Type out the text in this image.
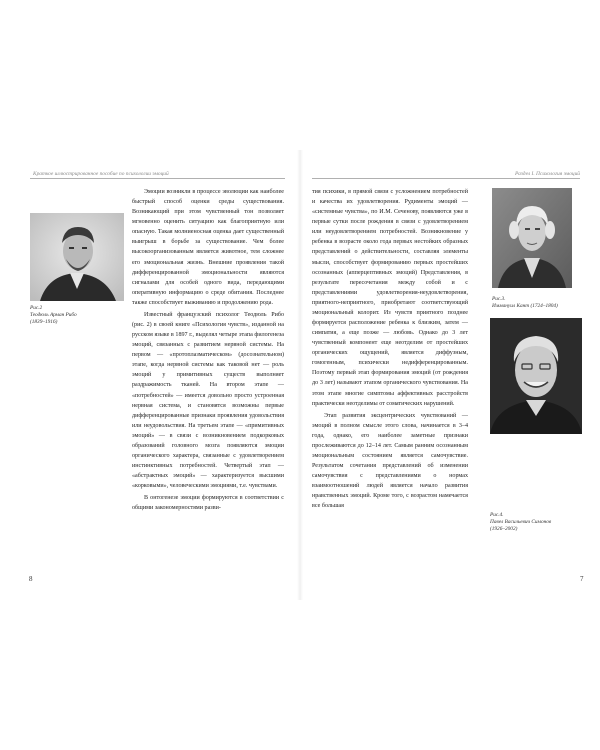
Краткое иллюстрированное пособие по психологии эмоций
Рис.2
Теодюль Арман Рибо
(1839–1916)

Эмоции возникли в процессе эволюции как наиболее быстрый способ оценки среды существования. Возникающий при этом чувственный тон позволяет мгновенно оценить ситуацию как благоприятную или опасную. Такая молниеносная оценка дает существенный выигрыш в борьбе за существование. Чем более высокоорганизованным является животное, тем сложнее его эмоциональная жизнь. Внешние проявления такой дифференцированной эмоциональности являются сигналами для особей одного вида, передающими оперативную информацию о среде обитания. Последнее также способствует выживанию и продолжению рода.

Известный французский психолог Теодюль Рибо (рис. 2) в своей книге «Психология чувств», изданной на русском языке в 1897 г., выделял четыре этапа филогенеза эмоций, связанных с развитием нервной системы. На первом — «протоплазматическом» (досознательном) этапе, когда нервной системы как таковой нет — роль эмоций у примитивных существ выполняет раздражимость тканей. На втором этапе — «потребностей» — имеется довольно просто устроенная нервная система, и становятся возможны первые дифференцированные признаки проявления удовольствия или неудовольствия. На третьем этапе — «примитивных эмоций» — в связи с возникновением подкорковых образований головного мозга появляются эмоции органического характера, связанные с удовлетворением инстинктивных потребностей. Четвертый этап — «абстрактных эмоций» — характеризуется высшими «корковыми», человеческими эмоциями, т.е. чувствами.

В онтогенезе эмоции формируются в соответствии с общими закономерностями разви-

8
Раздел I. Психология эмоций

тия психики, в прямой связи с усложнением потребностей и качества их удовлетворения. Рудименты эмоций — «системные чувства», по И.М. Сеченову, появляются уже в первые сутки после рождения в связи с удовлетворением или неудовлетворением потребностей. Возникновение у ребенка в возрасте около года первых нестойких образных представлений о действительности, составляя элементы мысли, способствует формированию первых простейших осознанных (апперцептивных эмоций) Представления, в результате пересочетания между собой и с представлениями удовлетворения-неудовлетворения, приятного-неприятного, приобретают соответствующий эмоциональный колорит. Из чувств приятного позднее формируется расположение ребенка к близким, затем — симпатия, а еще позже — любовь. Однако до 3 лет чувственный компонент еще неотделим от простейших органических ощущений, является диффузным, гомогенным, психически недифференцированным. Поэтому первый этап формирования эмоций (от рождения до 3 лет) называют этапом органического чувствования. На этом этапе многие симптомы аффективных расстройств практически неотделимы от соматических нарушений.

Этап развития эксцентрических чувствований — эмоций в полном смысле этого слова, начинается в 3–4 года, однако, его наиболее заметные признаки прослеживаются до 12–14 лет. Самым ранним осознанным эмоциональным состоянием является самочувствие. Результатом сочетания представлений об изменении самочувствия с представлениями о нормах взаимоотношений людей является начало развития нравственных эмоций. Кроме того, с возрастом намечается все большая

Рис.3.
Иммануил Кант (1724–1804)
Рис.4.
Павел Васильевич Симонов
(1926–2002)
7
